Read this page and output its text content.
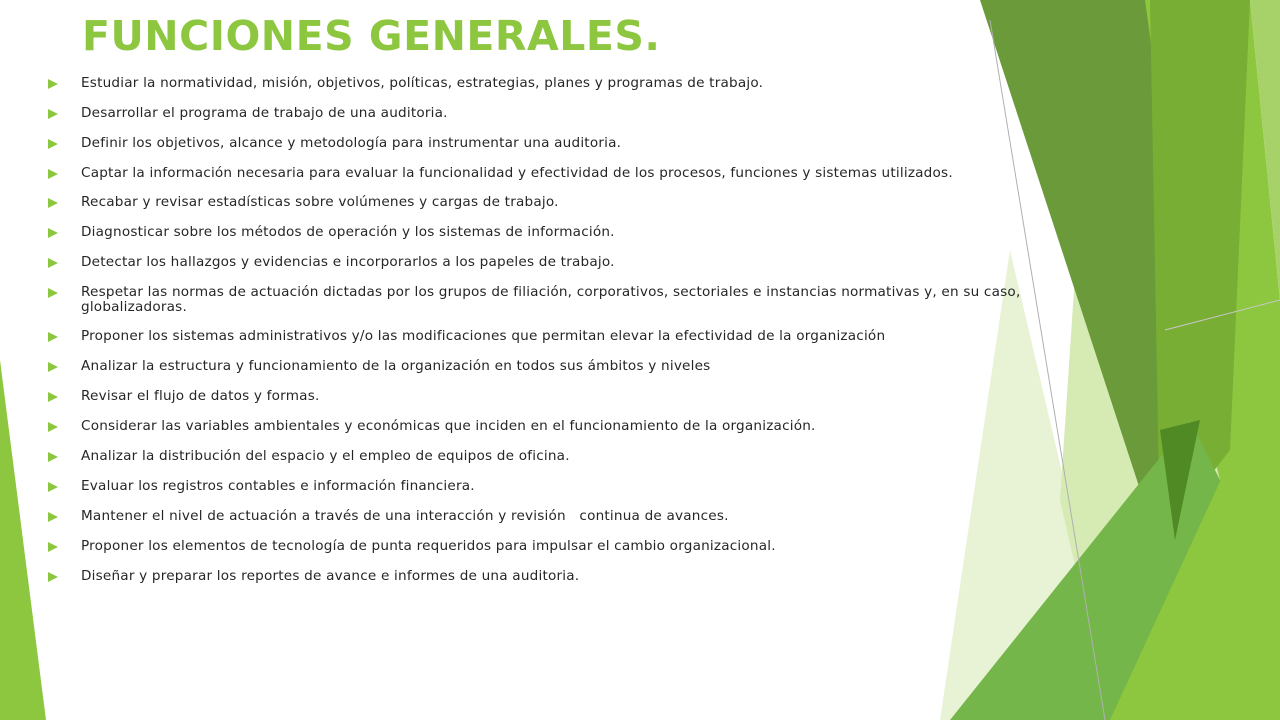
FUNCIONES GENERALES.
Estudiar la normatividad, misión, objetivos, políticas, estrategias, planes y programas de trabajo.
Desarrollar el programa de trabajo de una auditoria.
Definir los objetivos, alcance y metodología para instrumentar una auditoria.
Captar la información necesaria para evaluar la funcionalidad y efectividad de los procesos, funciones y sistemas utilizados.
Recabar y revisar estadísticas sobre volúmenes y cargas de trabajo.
Diagnosticar sobre los métodos de operación y los sistemas de información.
Detectar los hallazgos y evidencias e incorporarlos a los papeles de trabajo.
Respetar las normas de actuación dictadas por los grupos de filiación, corporativos, sectoriales e instancias normativas y, en su caso, globalizadoras.
Proponer los sistemas administrativos y/o las modificaciones que permitan elevar la efectividad de la organización
Analizar la estructura y funcionamiento de la organización en todos sus ámbitos y niveles
Revisar el flujo de datos y formas.
Considerar las variables ambientales y económicas que inciden en el funcionamiento de la organización.
Analizar la distribución del espacio y el empleo de equipos de oficina.
Evaluar los registros contables e información financiera.
Mantener el nivel de actuación a través de una interacción y revisión   continua de avances.
Proponer los elementos de tecnología de punta requeridos para impulsar el cambio organizacional.
Diseñar y preparar los reportes de avance e informes de una auditoria.
